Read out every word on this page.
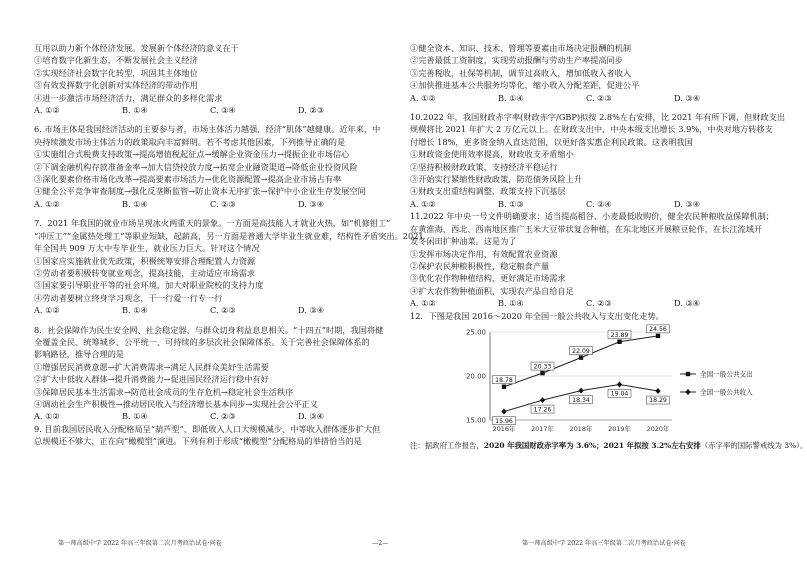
互用以助力新个体经济发展。发展新个体经济的意义在于
①培育数字化新生态，不断发展社会主义经济
②实现经济社会数字化转型，巩固其主体地位
③有效发挥数字化创新对实体经济的带动作用
④进一步激活市场经济活力，满足群众的多样化需求
A. ①②	B. ①④	C. ③④	D. ②③
6. 市场主体是我国经济活动的主要参与者，市场主体活力越强，经济“肌体”越健康。近年来，中
央持续激发市场主体活力的政策取向丰富鲜明。若不考虑其他因素，下列推导正确的是
①实施组合式税费支持政策→提高增值税起征点→缓解企业资金压力→提振企业市场信心
②下调金融机构存款准备金率→加大信贷投放力度→拓宽企业融资渠道→降低企业投资风险
③深化要素价格市场化改革→提高要素市场活力→优化资源配置→提高企业市场占有率
④健全公平竞争审查制度→强化反垄断监管→防止资本无序扩张→保护中小企业生存发展空间
A. ①②	B. ①④	C. ②③	D. ③④
7．2021 年我国的就业市场呈现冰火两重天的景象。一方面是高技能人才就业火热，如“机修钳工”
“冲压工”“金属热处理工”等职业短缺，起薪高，另一方面是普通大学毕业生就业难，结构性矛盾突出。2021
年全国共 909 万大中专毕业生，就业压力巨大。针对这个情况
①国家应实施就业优先政策，积极统筹安排合理配置人力资源
②劳动者要积极转变就业观念，提高技能，主动适应市场需求
③国家要引导职业平等的社会环境，加大对职业院校的支持力度
④劳动者要树立终身学习观念，干一行爱一行专一行
A. ①②	B. ①④	C. ②③	D. ③④
8．社会保障作为民生安全网、社会稳定器，与群众切身利益息息相关。“十四五”时期，我国将健
全覆盖全民、统筹城乡、公平统一、可持续的多层次社会保障体系。关于完善社会保障体系的
影响路径，推导合理的是
①增强居民消费意愿→扩大消费需求→满足人民群众美好生活需要
②扩大中低收入群体→提升消费能力→促进国民经济运行稳中有好
③保障居民基本生活需求→防范社会成员的生存危机→稳定社会生活秩序
④调动社会生产积极性→推动居民收入与经济增长基本同步→实现社会公平正义
A. ①②	B. ①④	C. ②③	D. ③④
9. 目前我国居民收入分配格局呈“葫芦型”，即低收入人口大规模减少、中等收入群体逐步扩大但
总规模还不够大，正在向“橄榄型”演进。下列有利于形成“橄榄型”分配格局的举措恰当的是
①健全资本、知识、技术、管理等要素由市场决定报酬的机制
②完善最低工资制度，实现劳动报酬与劳动生产率提高同步
③完善税收，社保等机制，调节过高收入，增加低收入者收入
④加快推进基本公共服务均等化，缩小收入分配差距，促进公平
A. ①②	B. ①④	C. ②③	D. ③④
10.2022 年，我国财政赤字率(财政赤字/GBP)拟按 2.8%左右安排，比 2021 年有所下调，但财政支出
规模将比 2021 年扩大 2 万亿元以上。在财政支出中，中央本级支出增长 3.9%，中央对地方转移支
付增长 18%，更多资金纳入直达范围，以更好落实惠企利民政策。这表明我国
①财政资金使用效率提高，财政收支矛盾缩小
②坚持积极财政政策，支持经济平稳运行
③开始实行紧缩性财政政策，防范债务风险上升
④财政支出重结构调整，政策支持下沉基层
A. ①②	B. ①③	C. ②④	D. ③④
11.2022 年中央一号文件明确要求：适当提高稻谷、小麦最低收购价，健全农民种粮收益保障机制；
在黄淮海、西北、西南地区推广玉米大豆带状复合种植，在东北地区开展粮豆轮作，在长江流域开
发冬闲田扩种油菜。这是为了
①发挥市场决定作用，有效配置农业资源
②保护农民种粮积极性，稳定粮食产量
③优化农作物种植结构，更好满足市场需求
④扩大农作物种植面积，实现农产品自给自足
A. ①②	B. ①④	C. ②③	D. ③④
12．下图是我国 2016～2020 年全国一般公共收入与支出变化走势。
25.00
20.00
15.00
2016年 2017年 2018年 2019年 2020年
18.78
20.33
22.09
23.89
24.56
15.96
17.26
18.34
19.04
18.29
全国一般公共支出
全国一般公共收入
注：据政府工作报告，2020 年我国财政赤字率为 3.6%；2021 年拟按 3.2%左右安排（赤字率的国际警戒线为 3%）。
第一师高级中学 2022 年高三年级第二次月考政治试卷·问卷	—2—	第一师高级中学 2022 年高三年级第二次月考政治试卷·问卷
